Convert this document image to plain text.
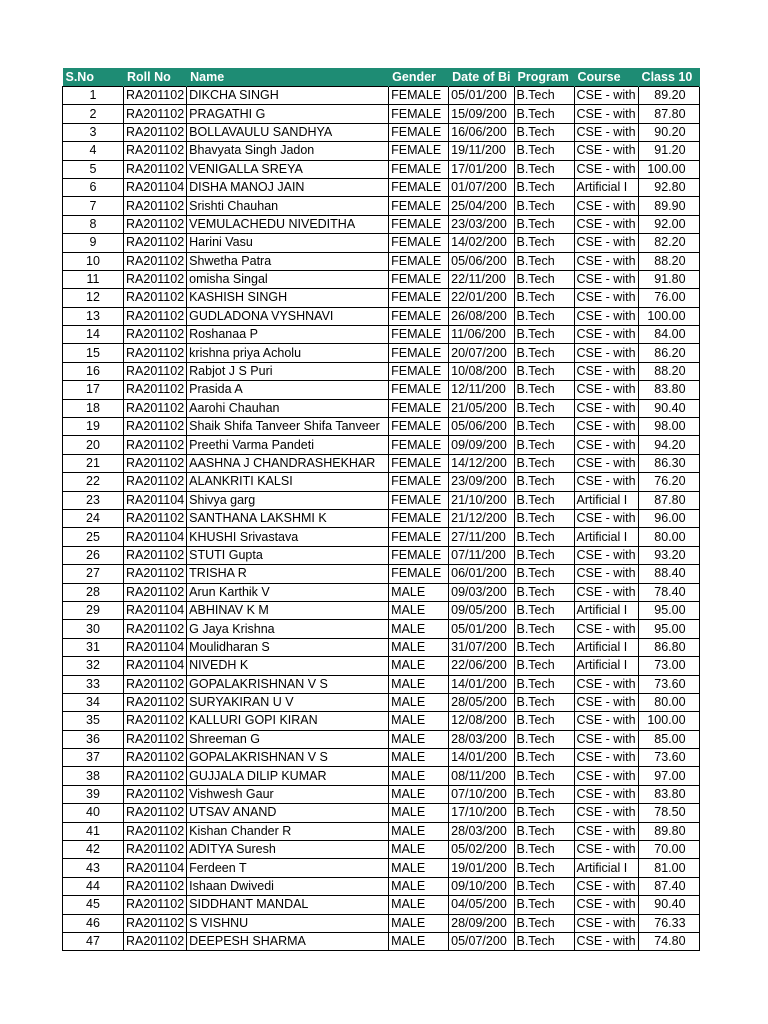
S.No	Roll No	Name	Gender	Date of Bi	Program	Course	Class 10
1	RA201102	DIKCHA SINGH	FEMALE	05/01/200	B.Tech	CSE - with	89.20
2	RA201102	PRAGATHI G	FEMALE	15/09/200	B.Tech	CSE - with	87.80
3	RA201102	BOLLAVAULU SANDHYA	FEMALE	16/06/200	B.Tech	CSE - with	90.20
4	RA201102	Bhavyata Singh Jadon	FEMALE	19/11/200	B.Tech	CSE - with	91.20
5	RA201102	VENIGALLA SREYA	FEMALE	17/01/200	B.Tech	CSE - with	100.00
6	RA201104	DISHA MANOJ JAIN	FEMALE	01/07/200	B.Tech	Artificial I	92.80
7	RA201102	Srishti Chauhan	FEMALE	25/04/200	B.Tech	CSE - with	89.90
8	RA201102	VEMULACHEDU NIVEDITHA	FEMALE	23/03/200	B.Tech	CSE - with	92.00
9	RA201102	Harini Vasu	FEMALE	14/02/200	B.Tech	CSE - with	82.20
10	RA201102	Shwetha Patra	FEMALE	05/06/200	B.Tech	CSE - with	88.20
11	RA201102	omisha Singal	FEMALE	22/11/200	B.Tech	CSE - with	91.80
12	RA201102	KASHISH SINGH	FEMALE	22/01/200	B.Tech	CSE - with	76.00
13	RA201102	GUDLADONA VYSHNAVI	FEMALE	26/08/200	B.Tech	CSE - with	100.00
14	RA201102	Roshanaa P	FEMALE	11/06/200	B.Tech	CSE - with	84.00
15	RA201102	krishna priya Acholu	FEMALE	20/07/200	B.Tech	CSE - with	86.20
16	RA201102	Rabjot J S Puri	FEMALE	10/08/200	B.Tech	CSE - with	88.20
17	RA201102	Prasida A	FEMALE	12/11/200	B.Tech	CSE - with	83.80
18	RA201102	Aarohi Chauhan	FEMALE	21/05/200	B.Tech	CSE - with	90.40
19	RA201102	Shaik Shifa Tanveer Shifa Tanveer	FEMALE	05/06/200	B.Tech	CSE - with	98.00
20	RA201102	Preethi Varma Pandeti	FEMALE	09/09/200	B.Tech	CSE - with	94.20
21	RA201102	AASHNA J CHANDRASHEKHAR	FEMALE	14/12/200	B.Tech	CSE - with	86.30
22	RA201102	ALANKRITI KALSI	FEMALE	23/09/200	B.Tech	CSE - with	76.20
23	RA201104	Shivya garg	FEMALE	21/10/200	B.Tech	Artificial I	87.80
24	RA201102	SANTHANA LAKSHMI K	FEMALE	21/12/200	B.Tech	CSE - with	96.00
25	RA201104	KHUSHI Srivastava	FEMALE	27/11/200	B.Tech	Artificial I	80.00
26	RA201102	STUTI Gupta	FEMALE	07/11/200	B.Tech	CSE - with	93.20
27	RA201102	TRISHA R	FEMALE	06/01/200	B.Tech	CSE - with	88.40
28	RA201102	Arun Karthik V	MALE	09/03/200	B.Tech	CSE - with	78.40
29	RA201104	ABHINAV K M	MALE	09/05/200	B.Tech	Artificial I	95.00
30	RA201102	G Jaya Krishna	MALE	05/01/200	B.Tech	CSE - with	95.00
31	RA201104	Moulidharan S	MALE	31/07/200	B.Tech	Artificial I	86.80
32	RA201104	NIVEDH K	MALE	22/06/200	B.Tech	Artificial I	73.00
33	RA201102	GOPALAKRISHNAN V S	MALE	14/01/200	B.Tech	CSE - with	73.60
34	RA201102	SURYAKIRAN U V	MALE	28/05/200	B.Tech	CSE - with	80.00
35	RA201102	KALLURI GOPI KIRAN	MALE	12/08/200	B.Tech	CSE - with	100.00
36	RA201102	Shreeman G	MALE	28/03/200	B.Tech	CSE - with	85.00
37	RA201102	GOPALAKRISHNAN V S	MALE	14/01/200	B.Tech	CSE - with	73.60
38	RA201102	GUJJALA DILIP KUMAR	MALE	08/11/200	B.Tech	CSE - with	97.00
39	RA201102	Vishwesh Gaur	MALE	07/10/200	B.Tech	CSE - with	83.80
40	RA201102	UTSAV ANAND	MALE	17/10/200	B.Tech	CSE - with	78.50
41	RA201102	Kishan Chander R	MALE	28/03/200	B.Tech	CSE - with	89.80
42	RA201102	ADITYA Suresh	MALE	05/02/200	B.Tech	CSE - with	70.00
43	RA201104	Ferdeen T	MALE	19/01/200	B.Tech	Artificial I	81.00
44	RA201102	Ishaan Dwivedi	MALE	09/10/200	B.Tech	CSE - with	87.40
45	RA201102	SIDDHANT MANDAL	MALE	04/05/200	B.Tech	CSE - with	90.40
46	RA201102	S VISHNU	MALE	28/09/200	B.Tech	CSE - with	76.33
47	RA201102	DEEPESH SHARMA	MALE	05/07/200	B.Tech	CSE - with	74.80
